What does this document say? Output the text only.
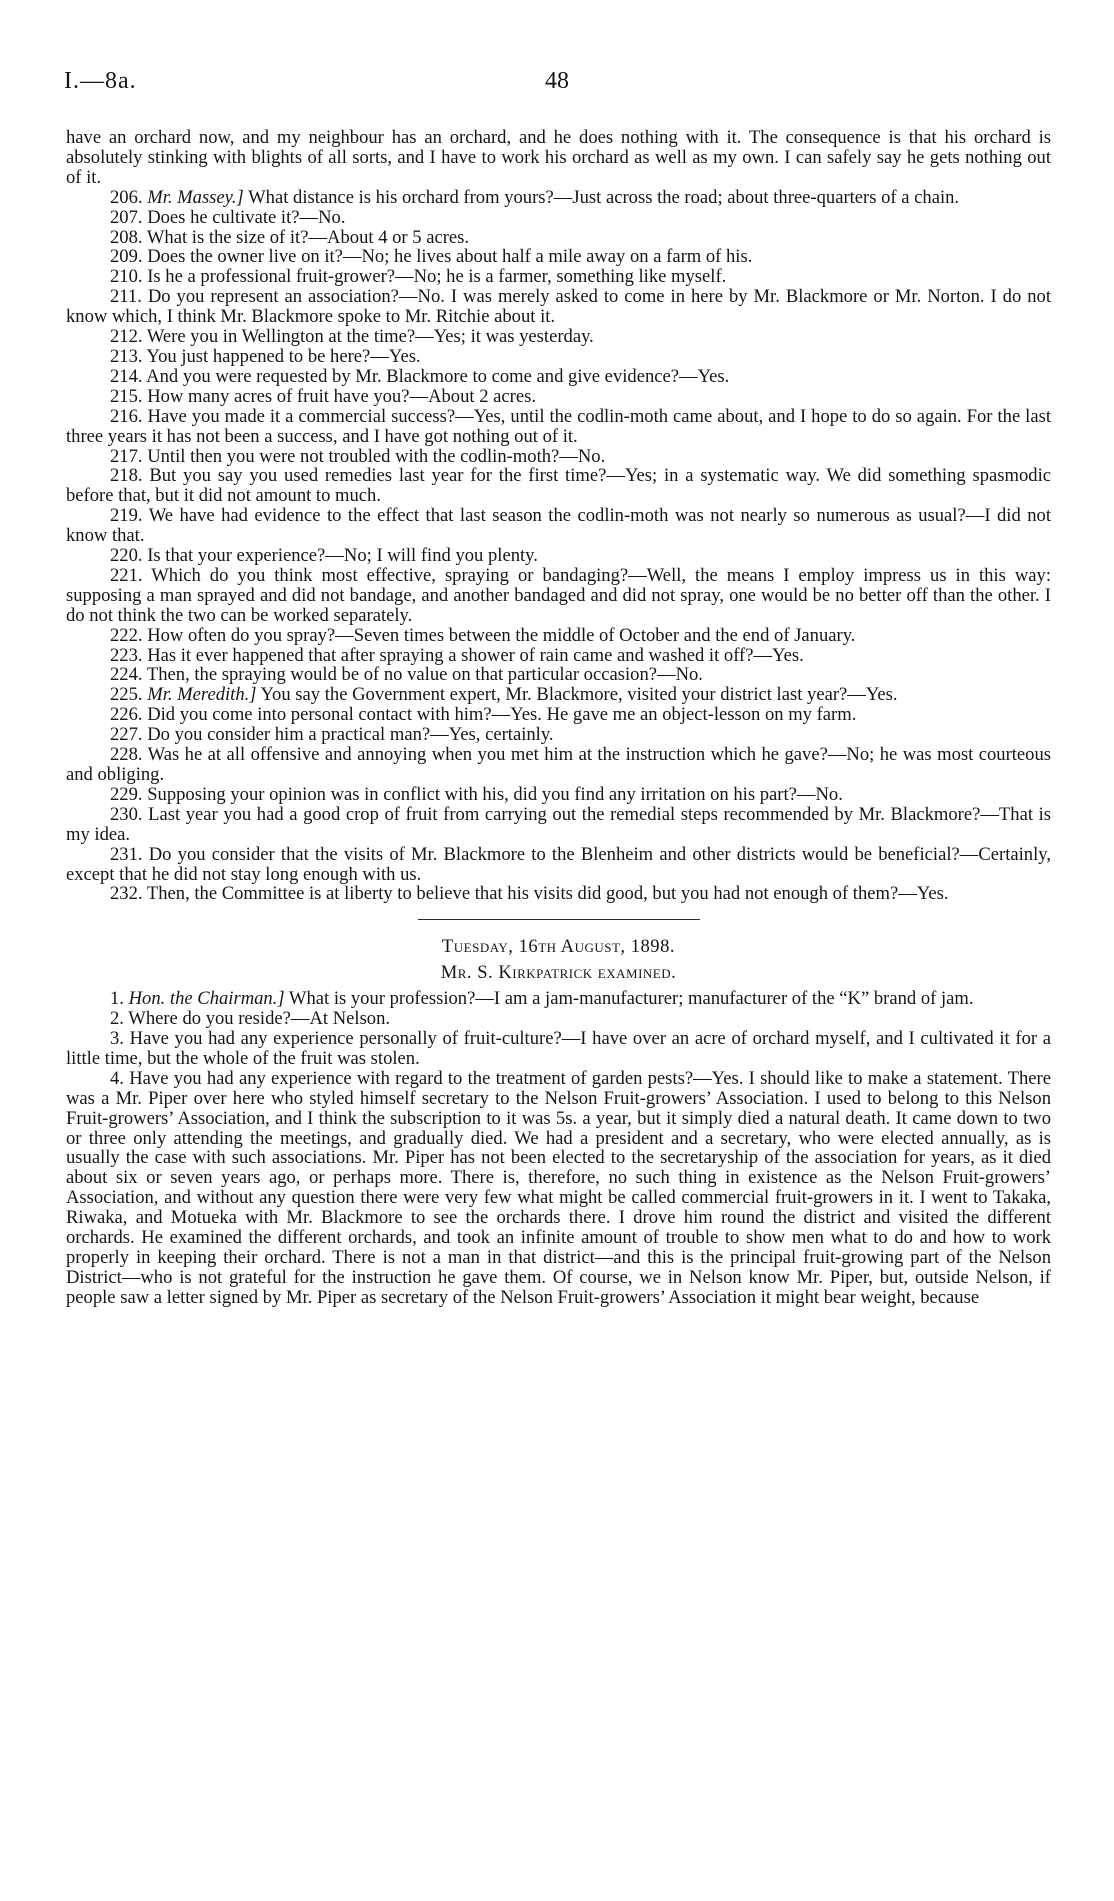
I.—8a.	48

have an orchard now, and my neighbour has an orchard, and he does nothing with it. The consequence is that his orchard is absolutely stinking with blights of all sorts, and I have to work his orchard as well as my own. I can safely say he gets nothing out of it.

206. Mr. Massey.] What distance is his orchard from yours?—Just across the road; about three-quarters of a chain.

207. Does he cultivate it?—No.

208. What is the size of it?—About 4 or 5 acres.

209. Does the owner live on it?—No; he lives about half a mile away on a farm of his.

210. Is he a professional fruit-grower?—No; he is a farmer, something like myself.

211. Do you represent an association?—No. I was merely asked to come in here by Mr. Blackmore or Mr. Norton. I do not know which, I think Mr. Blackmore spoke to Mr. Ritchie about it.

212. Were you in Wellington at the time?—Yes; it was yesterday.

213. You just happened to be here?—Yes.

214. And you were requested by Mr. Blackmore to come and give evidence?—Yes.

215. How many acres of fruit have you?—About 2 acres.

216. Have you made it a commercial success?—Yes, until the codlin-moth came about, and I hope to do so again. For the last three years it has not been a success, and I have got nothing out of it.

217. Until then you were not troubled with the codlin-moth?—No.

218. But you say you used remedies last year for the first time?—Yes; in a systematic way. We did something spasmodic before that, but it did not amount to much.

219. We have had evidence to the effect that last season the codlin-moth was not nearly so numerous as usual?—I did not know that.

220. Is that your experience?—No; I will find you plenty.

221. Which do you think most effective, spraying or bandaging?—Well, the means I employ impress us in this way: supposing a man sprayed and did not bandage, and another bandaged and did not spray, one would be no better off than the other. I do not think the two can be worked separately.

222. How often do you spray?—Seven times between the middle of October and the end of January.

223. Has it ever happened that after spraying a shower of rain came and washed it off?—Yes.

224. Then, the spraying would be of no value on that particular occasion?—No.

225. Mr. Meredith.] You say the Government expert, Mr. Blackmore, visited your district last year?—Yes.

226. Did you come into personal contact with him?—Yes. He gave me an object-lesson on my farm.

227. Do you consider him a practical man?—Yes, certainly.

228. Was he at all offensive and annoying when you met him at the instruction which he gave?—No; he was most courteous and obliging.

229. Supposing your opinion was in conflict with his, did you find any irritation on his part?—No.

230. Last year you had a good crop of fruit from carrying out the remedial steps recommended by Mr. Blackmore?—That is my idea.

231. Do you consider that the visits of Mr. Blackmore to the Blenheim and other districts would be beneficial?—Certainly, except that he did not stay long enough with us.

232. Then, the Committee is at liberty to believe that his visits did good, but you had not enough of them?—Yes.

Tuesday, 16th August, 1898.

Mr. S. Kirkpatrick examined.

1. Hon. the Chairman.] What is your profession?—I am a jam-manufacturer; manufacturer of the “K” brand of jam.

2. Where do you reside?—At Nelson.

3. Have you had any experience personally of fruit-culture?—I have over an acre of orchard myself, and I cultivated it for a little time, but the whole of the fruit was stolen.

4. Have you had any experience with regard to the treatment of garden pests?—Yes. I should like to make a statement. There was a Mr. Piper over here who styled himself secretary to the Nelson Fruit-growers’ Association. I used to belong to this Nelson Fruit-growers’ Association, and I think the subscription to it was 5s. a year, but it simply died a natural death. It came down to two or three only attending the meetings, and gradually died. We had a president and a secretary, who were elected annually, as is usually the case with such associations. Mr. Piper has not been elected to the secretaryship of the association for years, as it died about six or seven years ago, or perhaps more. There is, therefore, no such thing in existence as the Nelson Fruit-growers’ Association, and without any question there were very few what might be called commercial fruit-growers in it. I went to Takaka, Riwaka, and Motueka with Mr. Blackmore to see the orchards there. I drove him round the district and visited the different orchards. He examined the different orchards, and took an infinite amount of trouble to show men what to do and how to work properly in keeping their orchard. There is not a man in that district—and this is the principal fruit-growing part of the Nelson District—who is not grateful for the instruction he gave them. Of course, we in Nelson know Mr. Piper, but, outside Nelson, if people saw a letter signed by Mr. Piper as secretary of the Nelson Fruit-growers’ Association it might bear weight, because
